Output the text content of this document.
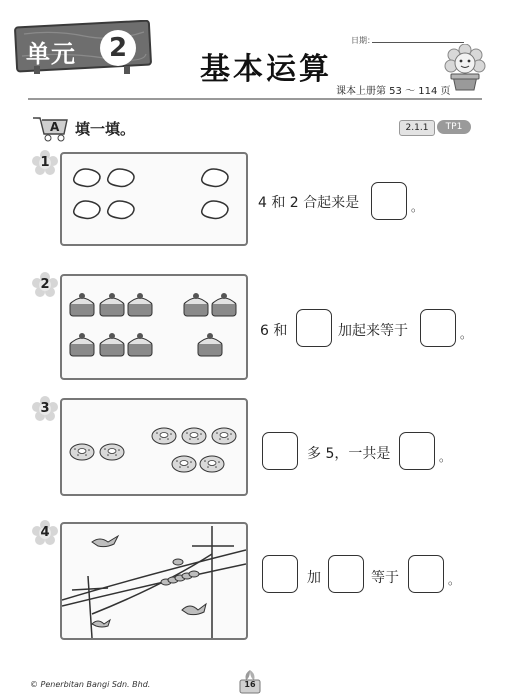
单元	2
基本运算
日期：
课本上册第 53 ～ 114 页
A 填一填。	2.1.1	TP1
1
4 和 2 合起来是	。
2
6 和	加起来等于	。
3
多 5，一共是	。
4
加	等于	。
© Penerbitan Bangi Sdn. Bhd.	16
